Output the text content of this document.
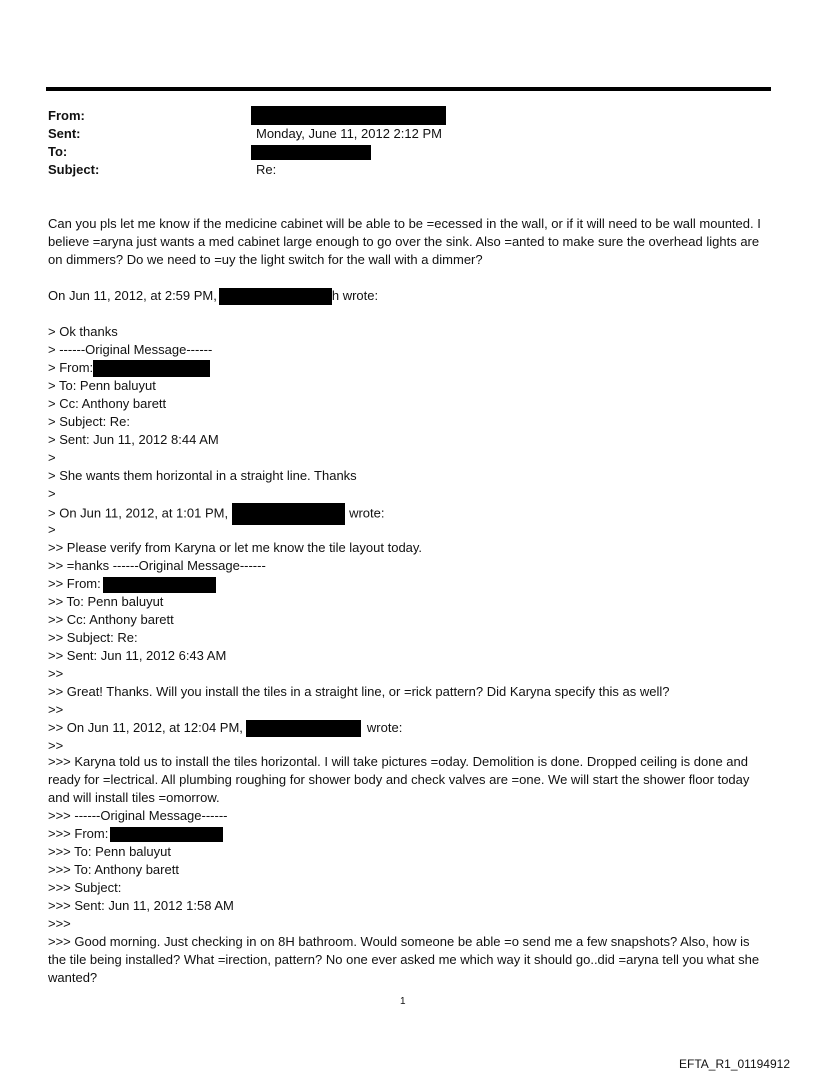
From:
Sent:	Monday, June 11, 2012 2:12 PM
To:
Subject:	Re:
Can you pls let me know if the medicine cabinet will be able to be =ecessed in the wall, or if it will need to be wall mounted. I believe =aryna just wants a med cabinet large enough to go over the sink. Also =anted to make sure the overhead lights are on dimmers? Do we need to =uy the light switch for the wall with a dimmer?
On Jun 11, 2012, at 2:59 PM,	h wrote:
> Ok thanks
> ------Original Message------
> From:
> To: Penn baluyut
> Cc: Anthony barett
> Subject: Re:
> Sent: Jun 11, 2012 8:44 AM
>
> She wants them horizontal in a straight line. Thanks
>
> On Jun 11, 2012, at 1:01 PM,	wrote:
>
>> Please verify from Karyna or let me know the tile layout today.
>> =hanks ------Original Message------
>> From:
>> To: Penn baluyut
>> Cc: Anthony barett
>> Subject: Re:
>> Sent: Jun 11, 2012 6:43 AM
>>
>> Great! Thanks. Will you install the tiles in a straight line, or =rick pattern? Did Karyna specify this as well?
>>
>> On Jun 11, 2012, at 12:04 PM,	wrote:
>>
>>> Karyna told us to install the tiles horizontal. I will take pictures =oday. Demolition is done. Dropped ceiling is done and ready for =lectrical. All plumbing roughing for shower body and check valves are =one. We will start the shower floor today and will install tiles =omorrow.
>>> ------Original Message------
>>> From:
>>> To: Penn baluyut
>>> To: Anthony barett
>>> Subject:
>>> Sent: Jun 11, 2012 1:58 AM
>>>
>>> Good morning. Just checking in on 8H bathroom. Would someone be able =o send me a few snapshots? Also, how is the tile being installed? What =irection, pattern? No one ever asked me which way it should go..did =aryna tell you what she wanted?
1
EFTA_R1_01194912
